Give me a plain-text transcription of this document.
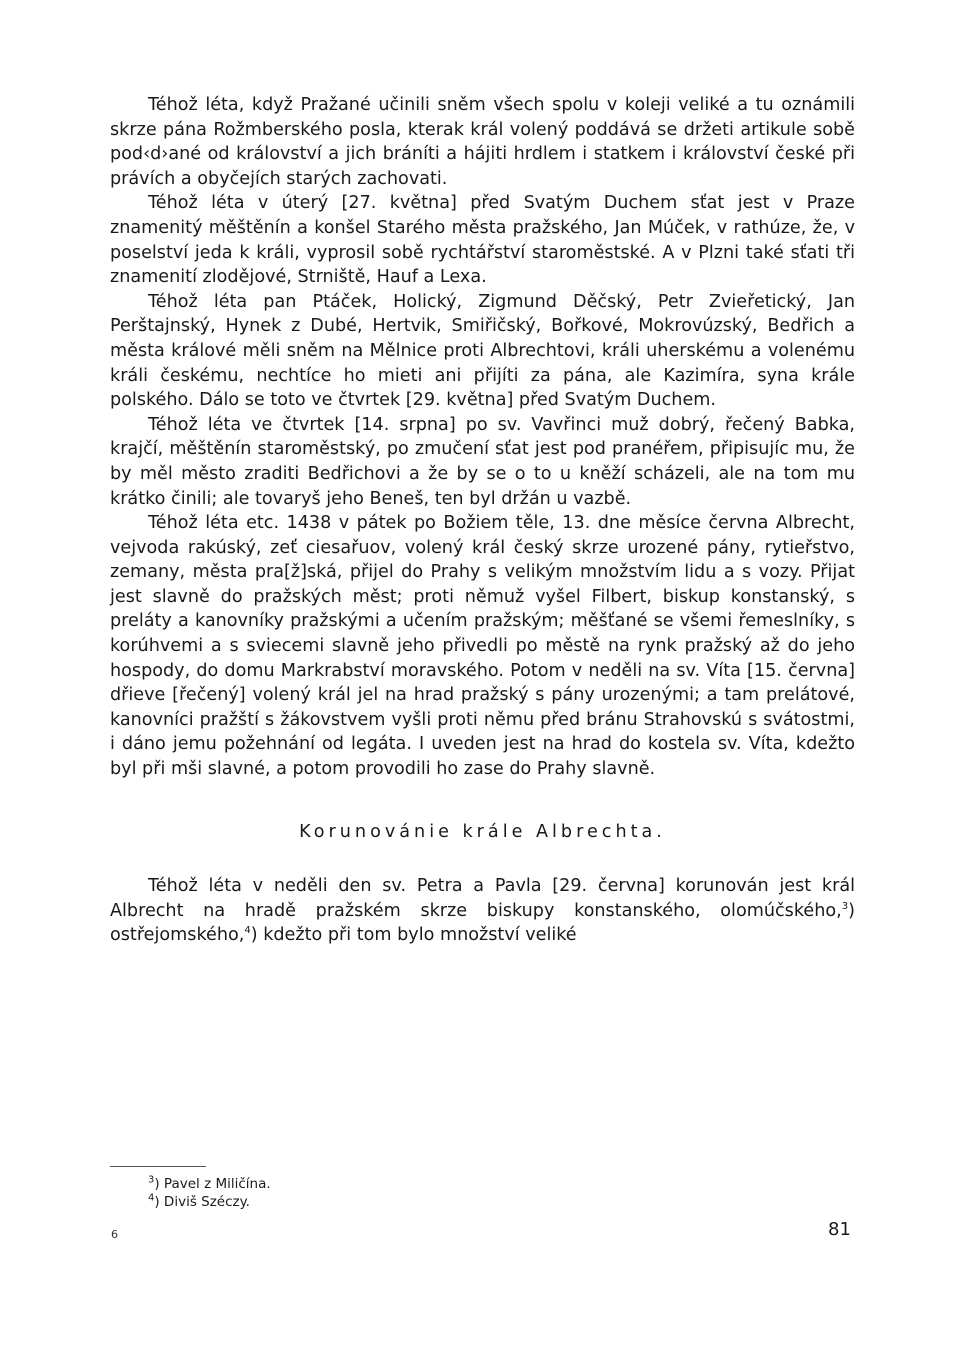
Téhož léta, když Pražané učinili sněm všech spolu v koleji veliké a tu oznámili skrze pána Rožmberského posla, kterak král volený poddává se držeti artikule sobě pod‹d›ané od království a jich bráníti a hájiti hrdlem i statkem i království české při právích a obyčejích starých zachovati.

Téhož léta v úterý [27. května] před Svatým Duchem sťat jest v Praze znamenitý měštěnín a konšel Starého města pražského, Jan Múček, v rathúze, že, v poselství jeda k králi, vyprosil sobě rychtářství staroměstské. A v Plzni také sťati tři znamenití zlodějové, Strniště, Hauf a Lexa.

Téhož léta pan Ptáček, Holický, Zigmund Děčský, Petr Zvieřetický, Jan Perštajnský, Hynek z Dubé, Hertvik, Smiřičský, Bořkové, Mokrovúzský, Bedřich a města králové měli sněm na Mělnice proti Albrechtovi, králi uherskému a volenému králi českému, nechtíce ho mieti ani přijíti za pána, ale Kazimíra, syna krále polského. Dálo se toto ve čtvrtek [29. května] před Svatým Duchem.

Téhož léta ve čtvrtek [14. srpna] po sv. Vavřinci muž dobrý, řečený Babka, krajčí, měštěnín staroměstský, po zmučení sťat jest pod pranéřem, připisujíc mu, že by měl město zraditi Bedřichovi a že by se o to u kněží scházeli, ale na tom mu krátko činili; ale tovaryš jeho Beneš, ten byl držán u vazbě.

Téhož léta etc. 1438 v pátek po Božiem těle, 13. dne měsíce června Albrecht, vejvoda rakúský, zeť ciesařuov, volený král český skrze urozené pány, rytieřstvo, zemany, města pra[ž]ská, přijel do Prahy s velikým množstvím lidu a s vozy. Přijat jest slavně do pražských měst; proti němuž vyšel Filbert, biskup konstanský, s preláty a kanovníky pražskými a učením pražským; měšťané se všemi řemeslníky, s korúhvemi a s sviecemi slavně jeho přivedli po městě na rynk pražský až do jeho hospody, do domu Markrabství moravského. Potom v neděli na sv. Víta [15. června] dřieve [řečený] volený král jel na hrad pražský s pány urozenými; a tam prelátové, kanovníci pražští s žákovstvem vyšli proti němu před bránu Strahovskú s svátostmi, i dáno jemu požehnání od legáta. I uveden jest na hrad do kostela sv. Víta, kdežto byl při mši slavné, a potom provodili ho zase do Prahy slavně.

Korunovánie krále Albrechta.

Téhož léta v neděli den sv. Petra a Pavla [29. června] korunován jest král Albrecht na hradě pražském skrze biskupy konstanského, olomúčského,$^3$) ostřejomského,$^4$) kdežto při tom bylo množství veliké

$^3$) Pavel z Miličína.

$^4$) Diviš Széczy.

6	81
